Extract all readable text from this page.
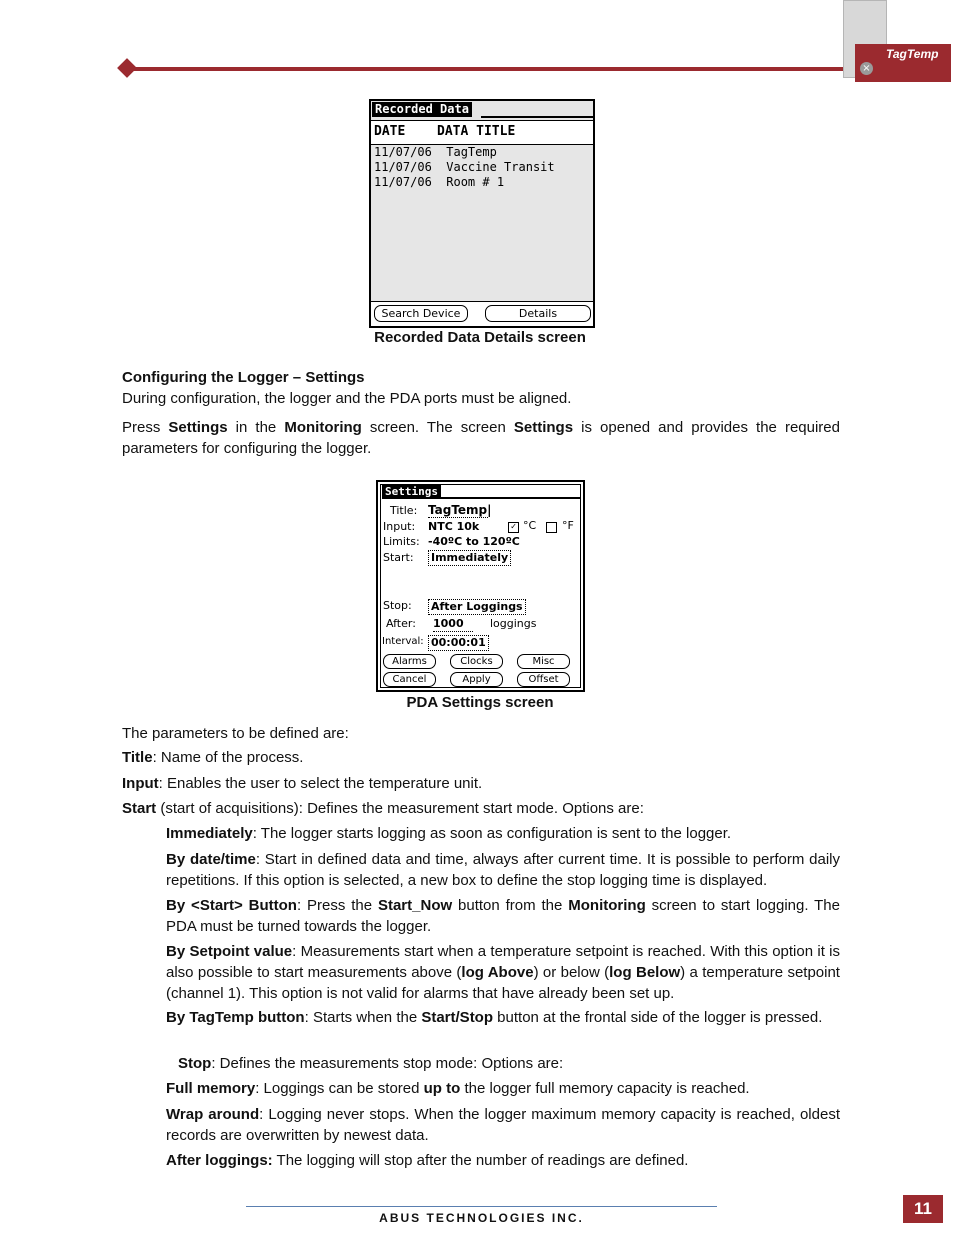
TagTemp
×
Recorded Data
DATE DATA TITLE
11/07/06 TagTemp
11/07/06 Vaccine Transit
11/07/06 Room # 1
Search Device	Details
Recorded Data Details screen
Configuring the Logger – Settings
During configuration, the logger and the PDA ports must be aligned.
Press Settings in the Monitoring screen. The screen Settings is opened and provides the required parameters for configuring the logger.
Settings
Title: TagTemp|
Input: NTC 10k	✓ °C °F
Limits: -40ºC to 120ºC
Start: Immediately
Stop: After Loggings
After: 1000	loggings
Interval: 00:00:01
Alarms	Clocks	Misc
Cancel	Apply	Offset
PDA Settings screen
The parameters to be defined are:
Title: Name of the process.
Input: Enables the user to select the temperature unit.
Start (start of acquisitions): Defines the measurement start mode. Options are:
Immediately: The logger starts logging as soon as configuration is sent to the logger.
By date/time: Start in defined data and time, always after current time. It is possible to perform daily repetitions. If this option is selected, a new box to define the stop logging time is displayed.
By <Start> Button: Press the Start_Now button from the Monitoring screen to start logging. The PDA must be turned towards the logger.
By Setpoint value: Measurements start when a temperature setpoint is reached. With this option it is also possible to start measurements above (log Above) or below (log Below) a temperature setpoint (channel 1). This option is not valid for alarms that have already been set up.
By TagTemp button: Starts when the Start/Stop button at the frontal side of the logger is pressed.
Stop: Defines the measurements stop mode: Options are:
Full memory: Loggings can be stored up to the logger full memory capacity is reached.
Wrap around: Logging never stops. When the logger maximum memory capacity is reached, oldest records are overwritten by newest data.
After loggings: The logging will stop after the number of readings are defined.
ABUS TECHNOLOGIES INC.	11
